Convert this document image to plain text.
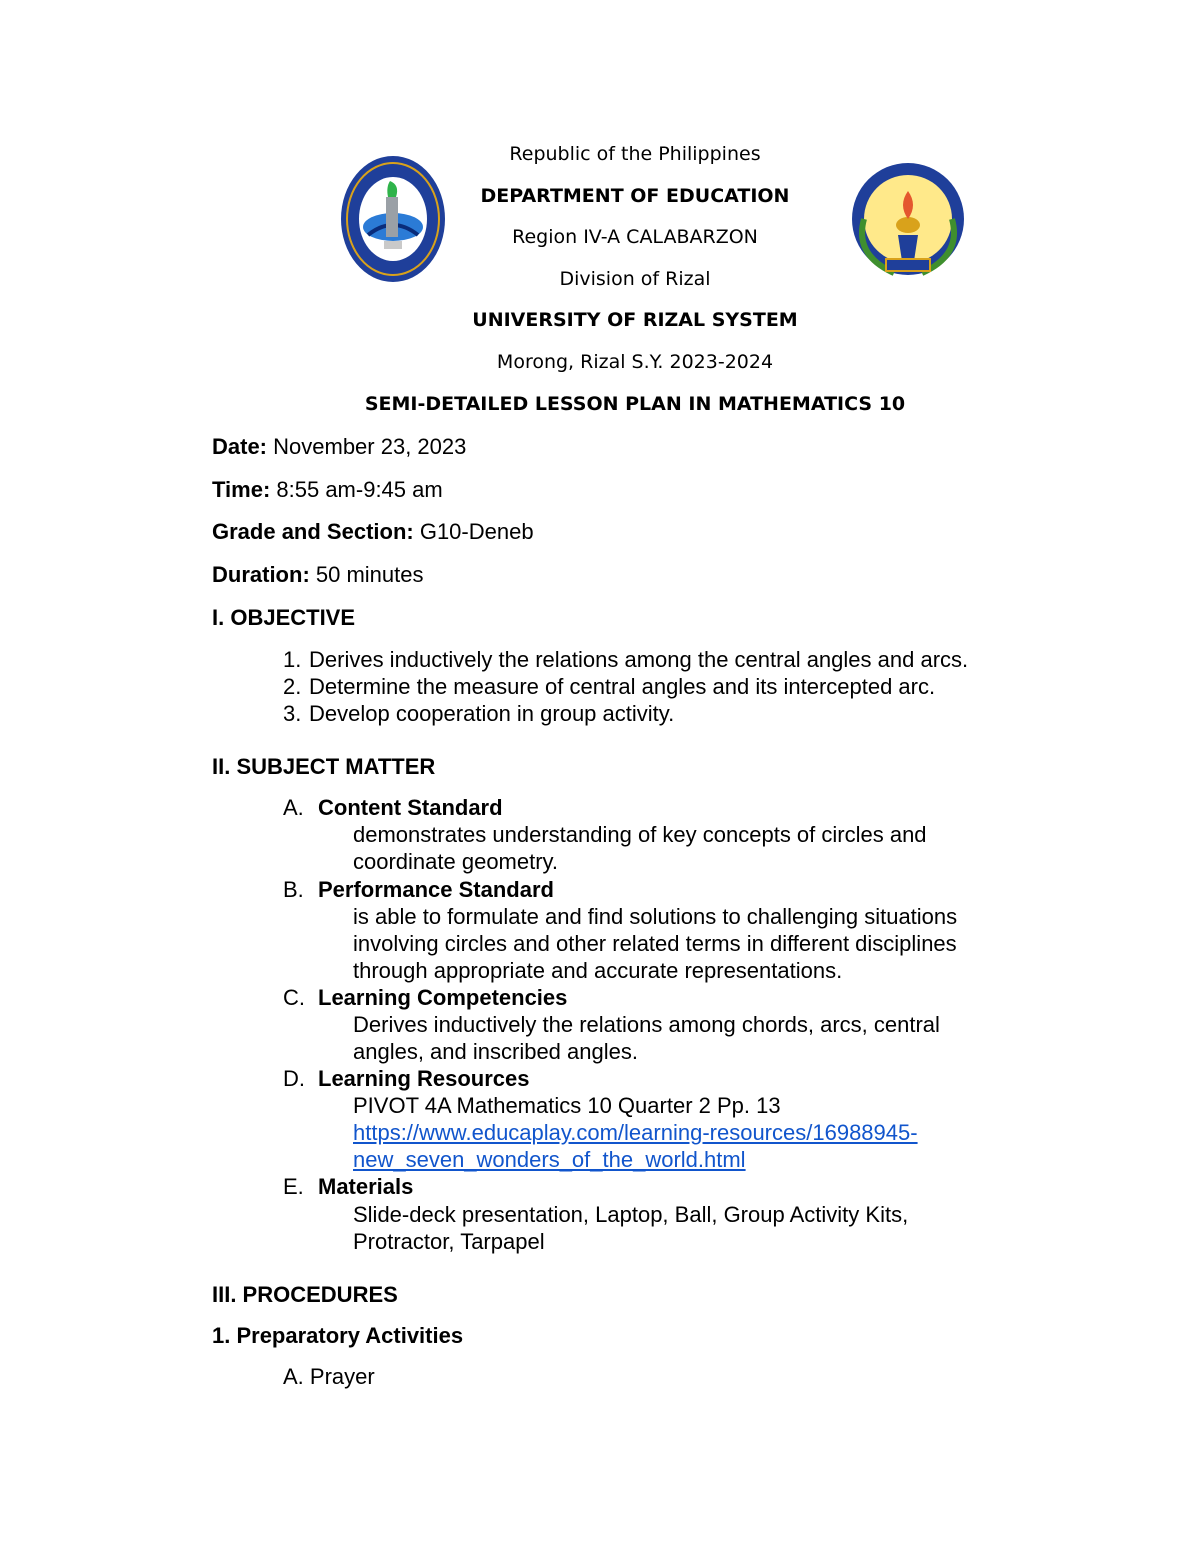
Republic of the Philippines
DEPARTMENT OF EDUCATION
Region IV-A CALABARZON
Division of Rizal
UNIVERSITY OF RIZAL SYSTEM
Morong, Rizal S.Y. 2023-2024
SEMI-DETAILED LESSON PLAN IN MATHEMATICS 10
Date: November 23, 2023
Time: 8:55 am-9:45 am
Grade and Section: G10-Deneb
Duration: 50 minutes
I. OBJECTIVE
1. Derives inductively the relations among the central angles and arcs.
2. Determine the measure of central angles and its intercepted arc.
3. Develop cooperation in group activity.
II. SUBJECT MATTER
A. Content Standard
demonstrates understanding of key concepts of circles and
coordinate geometry.
B. Performance Standard
is able to formulate and find solutions to challenging situations
involving circles and other related terms in different disciplines
through appropriate and accurate representations.
C. Learning Competencies
Derives inductively the relations among chords, arcs, central
angles, and inscribed angles.
D. Learning Resources
PIVOT 4A Mathematics 10 Quarter 2 Pp. 13
https://www.educaplay.com/learning-resources/16988945-
new_seven_wonders_of_the_world.html
E. Materials
Slide-deck presentation, Laptop, Ball, Group Activity Kits,
Protractor, Tarpapel
III. PROCEDURES
1. Preparatory Activities
A. Prayer
